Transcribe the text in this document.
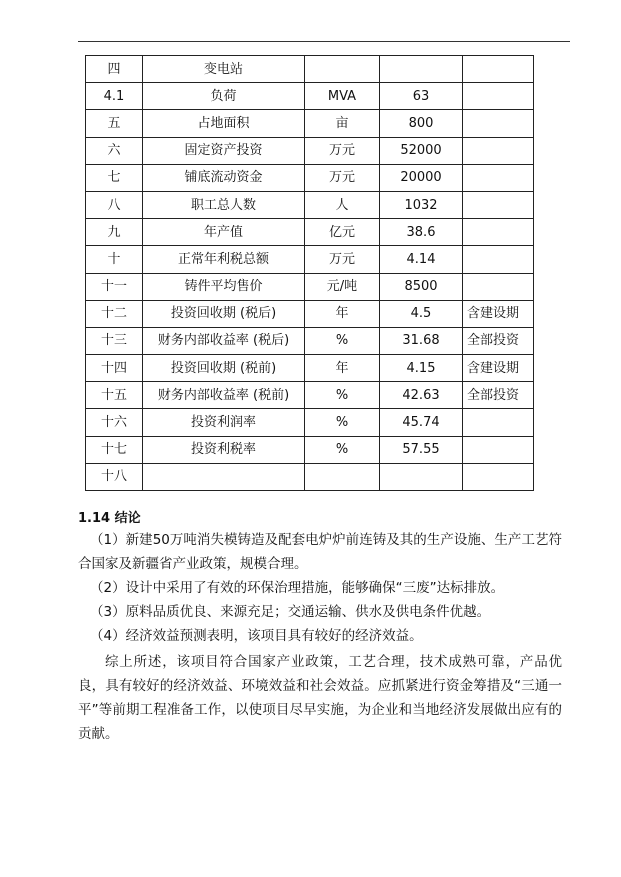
四	变电站			
4.1	负荷	MVA	63	
五	占地面积	亩	800	
六	固定资产投资	万元	52000	
七	铺底流动资金	万元	20000	
八	职工总人数	人	1032	
九	年产值	亿元	38.6	
十	正常年利税总额	万元	4.14	
十一	铸件平均售价	元/吨	8500	
十二	投资回收期 (税后)	年	4.5	含建设期
十三	财务内部收益率 (税后)	%	31.68	全部投资
十四	投资回收期 (税前)	年	4.15	含建设期
十五	财务内部收益率 (税前)	%	42.63	全部投资
十六	投资利润率	%	45.74	
十七	投资利税率	%	57.55	
十八				
1.14 结论

（1）新建50万吨消失模铸造及配套电炉炉前连铸及其的生产设施、生产工艺符合国家及新疆省产业政策，规模合理。

（2）设计中采用了有效的环保治理措施，能够确保“三废”达标排放。

（3）原料品质优良、来源充足；交通运输、供水及供电条件优越。

（4）经济效益预测表明，该项目具有较好的经济效益。

综上所述，该项目符合国家产业政策，工艺合理，技术成熟可靠，产品优良，具有较好的经济效益、环境效益和社会效益。应抓紧进行资金筹措及“三通一平”等前期工程准备工作，以使项目尽早实施，为企业和当地经济发展做出应有的贡献。
